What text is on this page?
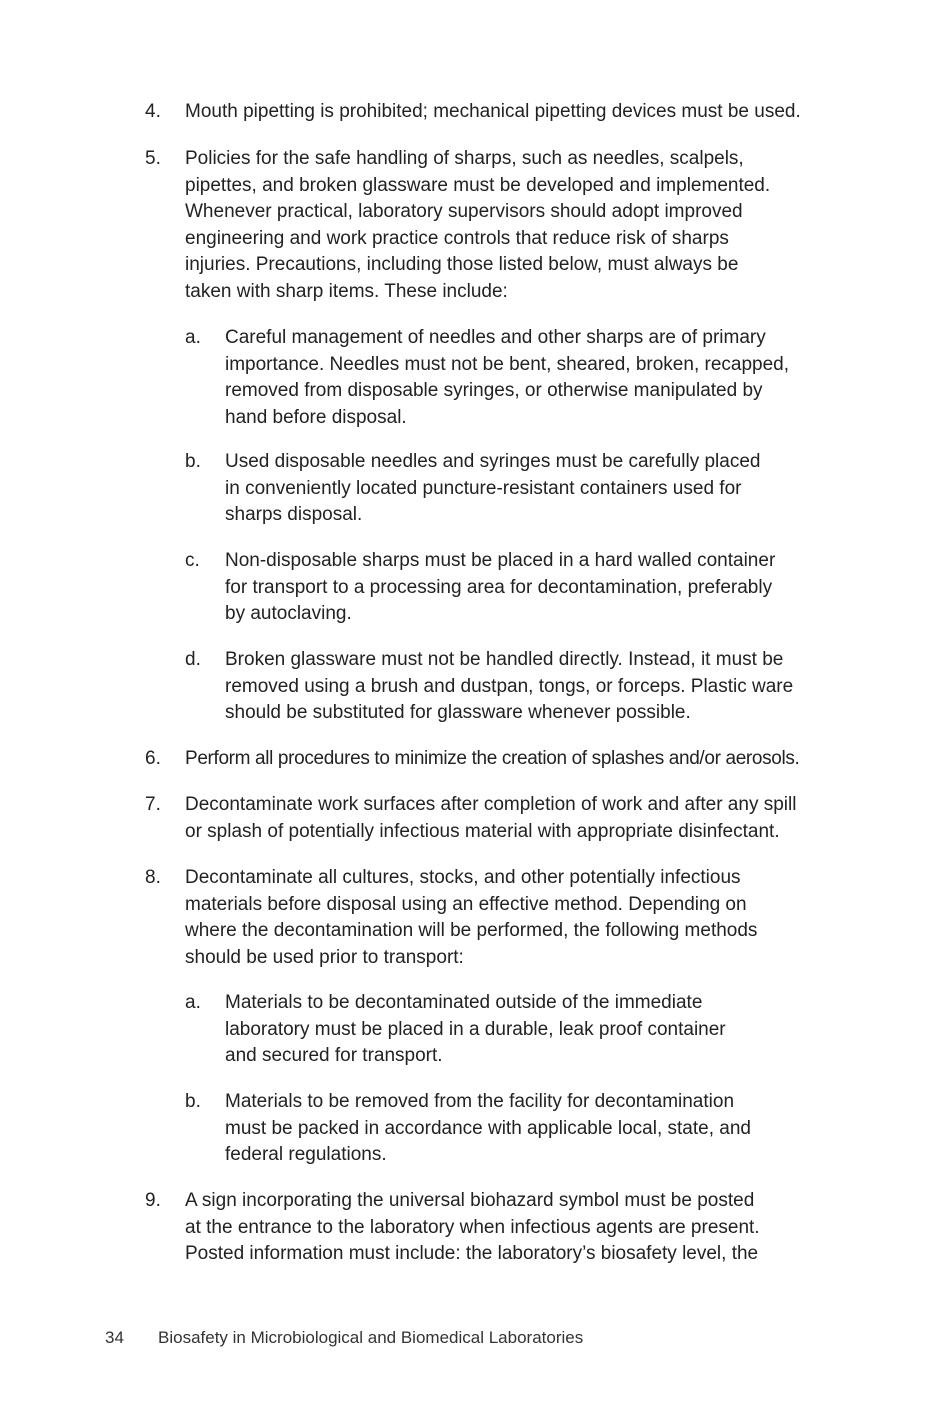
4. Mouth pipetting is prohibited; mechanical pipetting devices must be used.
5. Policies for the safe handling of sharps, such as needles, scalpels,
pipettes, and broken glassware must be developed and implemented.
Whenever practical, laboratory supervisors should adopt improved
engineering and work practice controls that reduce risk of sharps
injuries. Precautions, including those listed below, must always be
taken with sharp items. These include:
a. Careful management of needles and other sharps are of primary
importance. Needles must not be bent, sheared, broken, recapped,
removed from disposable syringes, or otherwise manipulated by
hand before disposal.
b. Used disposable needles and syringes must be carefully placed
in conveniently located puncture-resistant containers used for
sharps disposal.
c. Non-disposable sharps must be placed in a hard walled container
for transport to a processing area for decontamination, preferably
by autoclaving.
d. Broken glassware must not be handled directly. Instead, it must be
removed using a brush and dustpan, tongs, or forceps. Plastic ware
should be substituted for glassware whenever possible.
6. Perform all procedures to minimize the creation of splashes and/or aerosols.
7. Decontaminate work surfaces after completion of work and after any spill
or splash of potentially infectious material with appropriate disinfectant.
8. Decontaminate all cultures, stocks, and other potentially infectious
materials before disposal using an effective method. Depending on
where the decontamination will be performed, the following methods
should be used prior to transport:
a. Materials to be decontaminated outside of the immediate
laboratory must be placed in a durable, leak proof container
and secured for transport.
b. Materials to be removed from the facility for decontamination
must be packed in accordance with applicable local, state, and
federal regulations.
9. A sign incorporating the universal biohazard symbol must be posted
at the entrance to the laboratory when infectious agents are present.
Posted information must include: the laboratory’s biosafety level, the
34 Biosafety in Microbiological and Biomedical Laboratories
